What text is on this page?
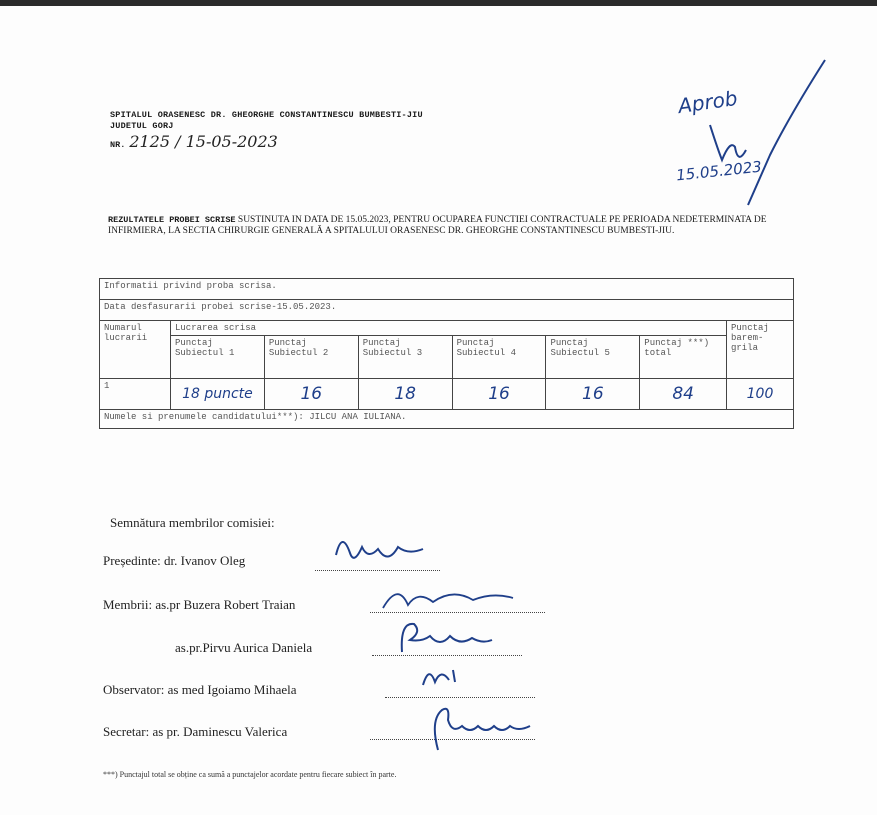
SPITALUL ORASENESC DR. GHEORGHE CONSTANTINESCU BUMBESTI-JIU
JUDETUL GORJ
NR. 2125 / 15-05-2023
Aprob
15.05.2023
REZULTATELE PROBEI SCRISE SUSTINUTA IN DATA DE 15.05.2023, PENTRU OCUPAREA FUNCTIEI CONTRACTUALE PE PERIOADA NEDETERMINATA DE INFIRMIERA, LA SECTIA CHIRURGIE GENERALĂ A SPITALULUI ORASENESC DR. GHEORGHE CONSTANTINESCU BUMBESTI-JIU.
Informatii privind proba scrisa.							
Data desfasurarii probei scrise-15.05.2023.							
Numarul lucrarii	Lucrarea scrisa						Punctaj barem-grila
	Punctaj Subiectul 1	Punctaj Subiectul 2	Punctaj Subiectul 3	Punctaj Subiectul 4	Punctaj Subiectul 5	Punctaj ***) total	
1	18 puncte	16	18	16	16	84	100
Numele si prenumele candidatului***): JILCU ANA IULIANA.							
Semnătura membrilor comisiei:
Președinte: dr. Ivanov Oleg
Membrii: as.pr Buzera Robert Traian
as.pr.Pirvu Aurica Daniela
Observator: as med Igoiamo Mihaela
Secretar: as pr. Daminescu Valerica
***) Punctajul total se obține ca sumă a punctajelor acordate pentru fiecare subiect în parte.
